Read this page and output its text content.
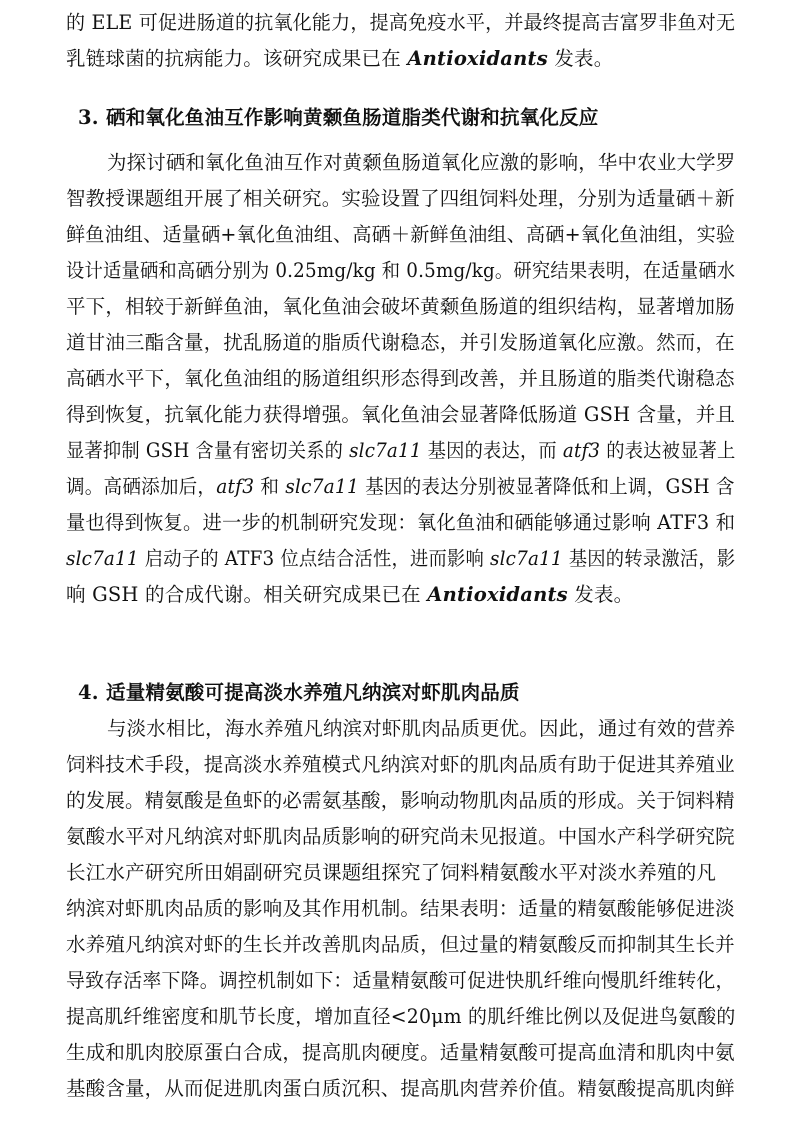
的 ELE 可促进肠道的抗氧化能力，提高免疫水平，并最终提高吉富罗非鱼对无
乳链球菌的抗病能力。该研究成果已在 Antioxidants 发表。
3. 硒和氧化鱼油互作影响黄颡鱼肠道脂类代谢和抗氧化反应
为探讨硒和氧化鱼油互作对黄颡鱼肠道氧化应激的影响，华中农业大学罗
智教授课题组开展了相关研究。实验设置了四组饲料处理，分别为适量硒＋新
鲜鱼油组、适量硒+氧化鱼油组、高硒＋新鲜鱼油组、高硒+氧化鱼油组，实验
设计适量硒和高硒分别为 0.25mg/kg 和 0.5mg/kg。研究结果表明，在适量硒水
平下，相较于新鲜鱼油，氧化鱼油会破坏黄颡鱼肠道的组织结构，显著增加肠
道甘油三酯含量，扰乱肠道的脂质代谢稳态，并引发肠道氧化应激。然而，在
高硒水平下，氧化鱼油组的肠道组织形态得到改善，并且肠道的脂类代谢稳态
得到恢复，抗氧化能力获得增强。氧化鱼油会显著降低肠道 GSH 含量，并且
显著抑制 GSH 含量有密切关系的 slc7a11 基因的表达，而 atf3 的表达被显著上
调。高硒添加后，atf3 和 slc7a11 基因的表达分别被显著降低和上调，GSH 含
量也得到恢复。进一步的机制研究发现：氧化鱼油和硒能够通过影响 ATF3 和
slc7a11 启动子的 ATF3 位点结合活性，进而影响 slc7a11 基因的转录激活，影
响 GSH 的合成代谢。相关研究成果已在 Antioxidants 发表。
4. 适量精氨酸可提高淡水养殖凡纳滨对虾肌肉品质
与淡水相比，海水养殖凡纳滨对虾肌肉品质更优。因此，通过有效的营养
饲料技术手段，提高淡水养殖模式凡纳滨对虾的肌肉品质有助于促进其养殖业
的发展。精氨酸是鱼虾的必需氨基酸，影响动物肌肉品质的形成。关于饲料精
氨酸水平对凡纳滨对虾肌肉品质影响的研究尚未见报道。中国水产科学研究院
长江水产研究所田娟副研究员课题组探究了饲料精氨酸水平对淡水养殖的凡
纳滨对虾肌肉品质的影响及其作用机制。结果表明：适量的精氨酸能够促进淡
水养殖凡纳滨对虾的生长并改善肌肉品质，但过量的精氨酸反而抑制其生长并
导致存活率下降。调控机制如下：适量精氨酸可促进快肌纤维向慢肌纤维转化，
提高肌纤维密度和肌节长度，增加直径<20μm 的肌纤维比例以及促进鸟氨酸的
生成和肌肉胶原蛋白合成，提高肌肉硬度。适量精氨酸可提高血清和肌肉中氨
基酸含量，从而促进肌肉蛋白质沉积、提高肌肉营养价值。精氨酸提高肌肉鲜
